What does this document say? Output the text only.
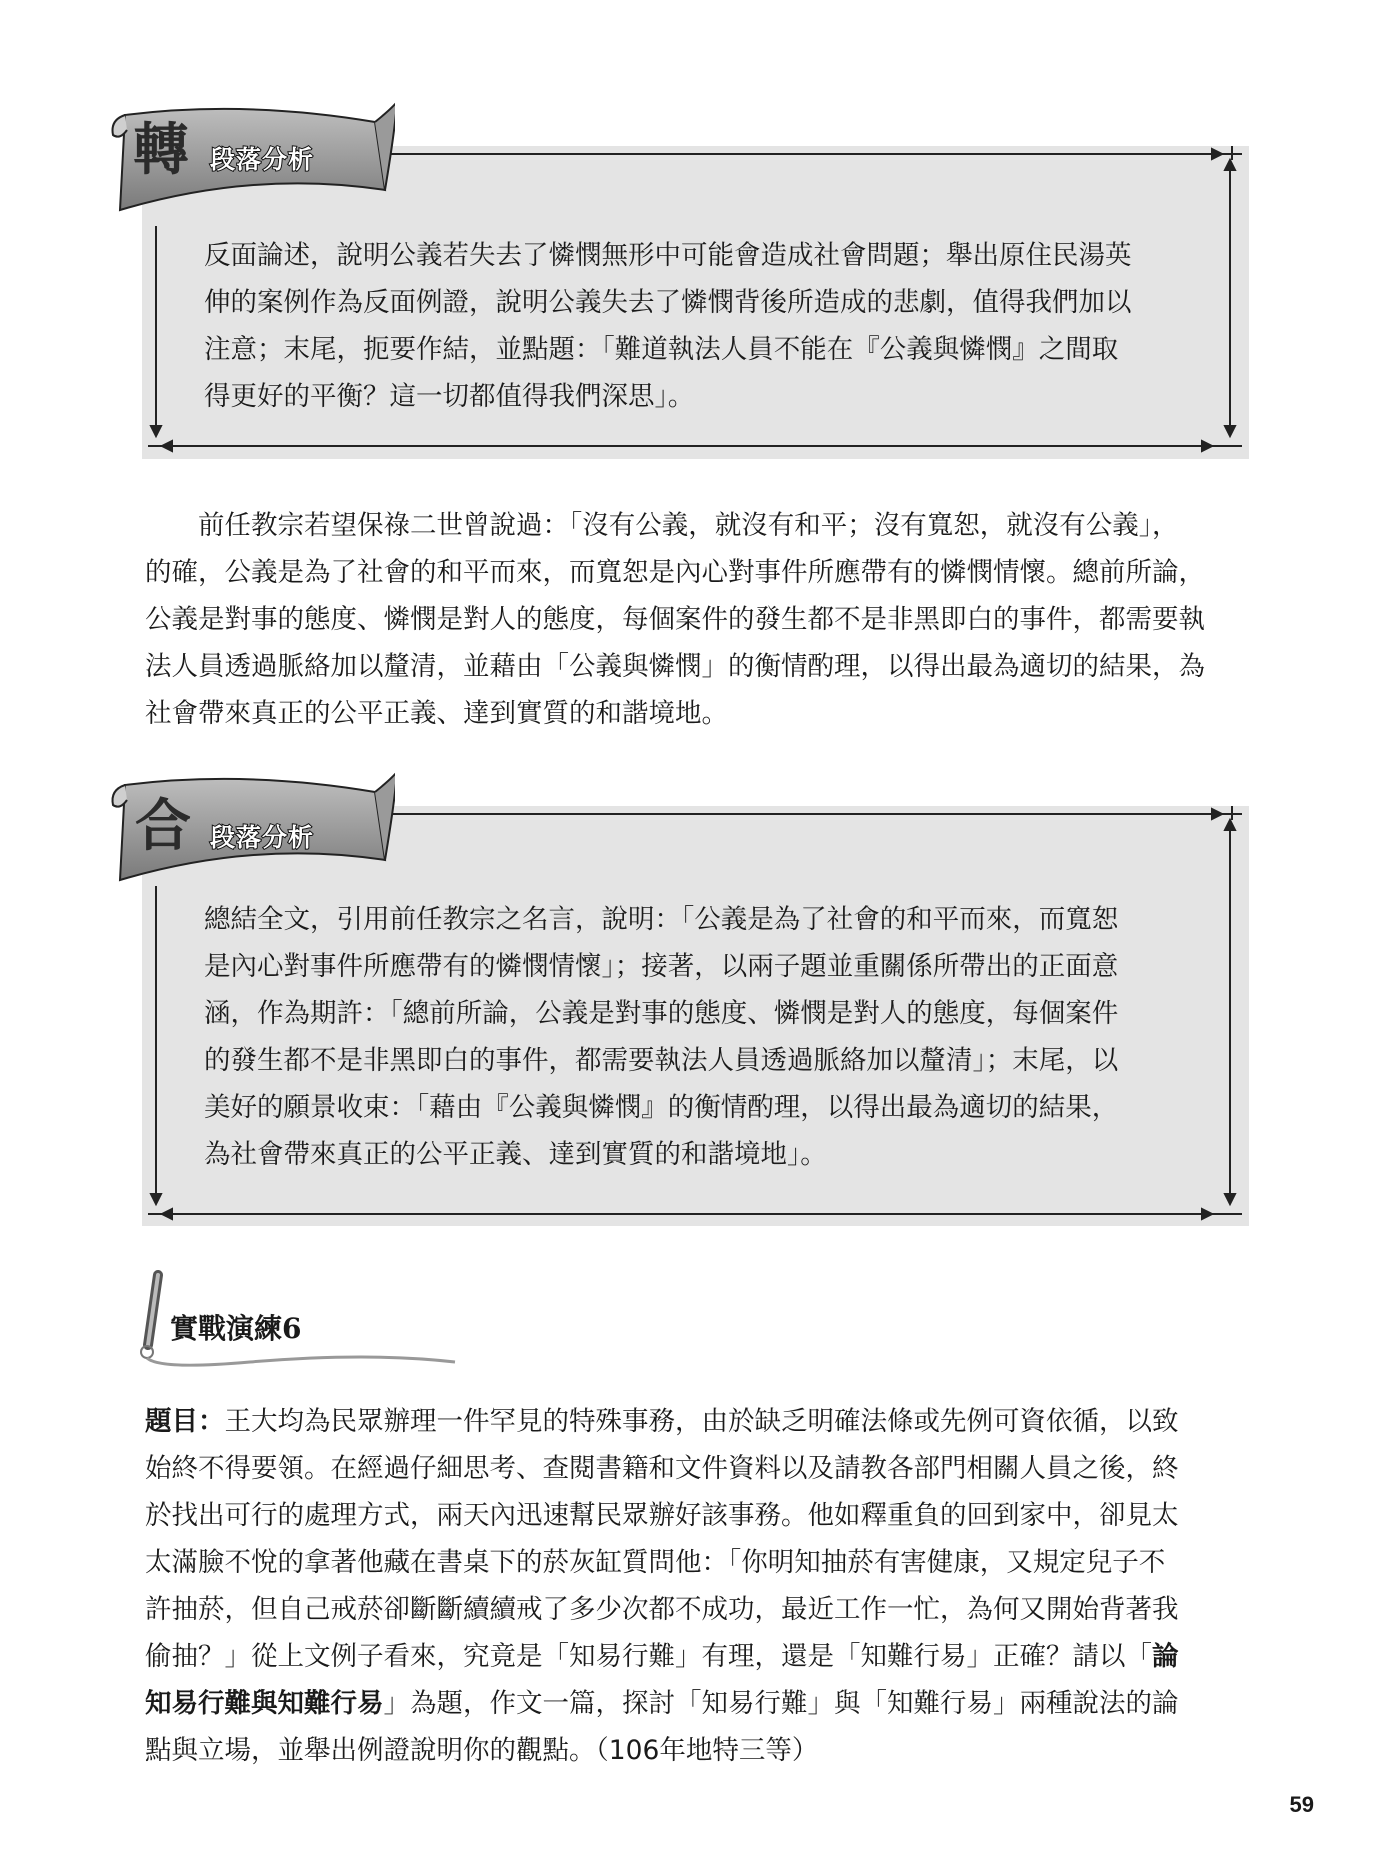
反面論述，說明公義若失去了憐憫無形中可能會造成社會問題；舉出原住民湯英

伸的案例作為反面例證，說明公義失去了憐憫背後所造成的悲劇，值得我們加以

注意；末尾，扼要作結，並點題：「難道執法人員不能在『公義與憐憫』之間取

得更好的平衡？這一切都值得我們深思」。

轉 段落分析
前任教宗若望保祿二世曾說過：「沒有公義，就沒有和平；沒有寬恕，就沒有公義」，
的確，公義是為了社會的和平而來，而寬恕是內心對事件所應帶有的憐憫情懷。總前所論，
公義是對事的態度、憐憫是對人的態度，每個案件的發生都不是非黑即白的事件，都需要執
法人員透過脈絡加以釐清，並藉由「公義與憐憫」的衡情酌理，以得出最為適切的結果，為
社會帶來真正的公平正義、達到實質的和諧境地。

總結全文，引用前任教宗之名言，說明：「公義是為了社會的和平而來，而寬恕

是內心對事件所應帶有的憐憫情懷」；接著，以兩子題並重關係所帶出的正面意

涵，作為期許：「總前所論，公義是對事的態度、憐憫是對人的態度，每個案件

的發生都不是非黑即白的事件，都需要執法人員透過脈絡加以釐清」；末尾，以

美好的願景收束：「藉由『公義與憐憫』的衡情酌理，以得出最為適切的結果，

為社會帶來真正的公平正義、達到實質的和諧境地」。

合 段落分析
實戰演練6
題目：王大均為民眾辦理一件罕見的特殊事務，由於缺乏明確法條或先例可資依循，以致
始終不得要領。在經過仔細思考、查閱書籍和文件資料以及請教各部門相關人員之後，終
於找出可行的處理方式，兩天內迅速幫民眾辦好該事務。他如釋重負的回到家中，卻見太
太滿臉不悅的拿著他藏在書桌下的菸灰缸質問他：「你明知抽菸有害健康，又規定兒子不
許抽菸，但自己戒菸卻斷斷續續戒了多少次都不成功，最近工作一忙，為何又開始背著我
偷抽？」從上文例子看來，究竟是「知易行難」有理，還是「知難行易」正確？請以「論
知易行難與知難行易」為題，作文一篇，探討「知易行難」與「知難行易」兩種說法的論
點與立場，並舉出例證說明你的觀點。（106年地特三等）
59
